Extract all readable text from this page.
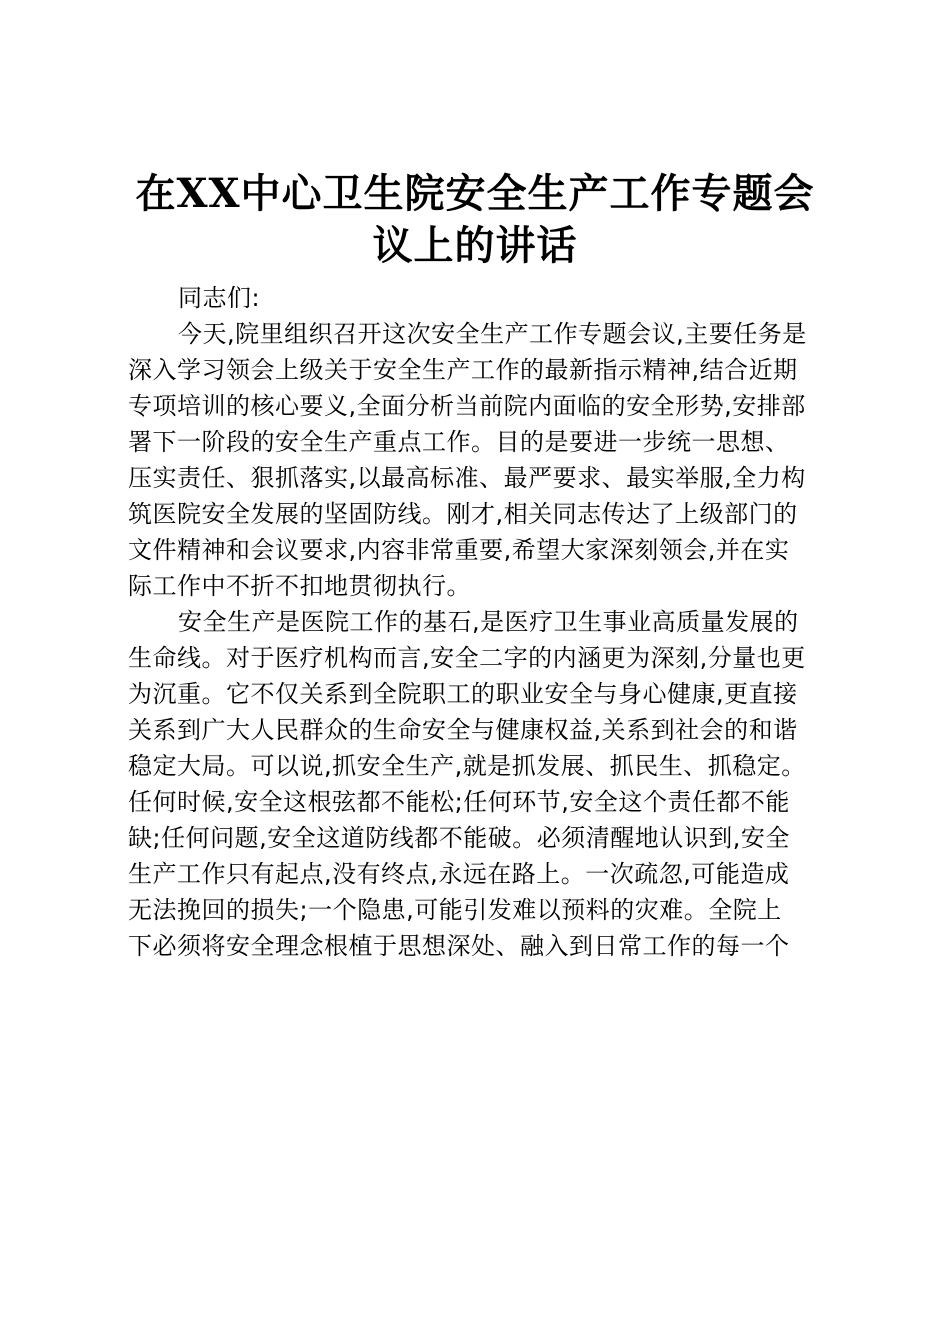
在XX中心卫生院安全生产工作专题会议上的讲话
同志们:
今天,院里组织召开这次安全生产工作专题会议,主要任务是
深入学习领会上级关于安全生产工作的最新指示精神,结合近期
专项培训的核心要义,全面分析当前院内面临的安全形势,安排部
署下一阶段的安全生产重点工作。目的是要进一步统一思想、
压实责任、狠抓落实,以最高标准、最严要求、最实举服,全力构
筑医院安全发展的坚固防线。刚才,相关同志传达了上级部门的
文件精神和会议要求,内容非常重要,希望大家深刻领会,并在实
际工作中不折不扣地贯彻执行。
安全生产是医院工作的基石,是医疗卫生事业高质量发展的
生命线。对于医疗机构而言,安全二字的内涵更为深刻,分量也更
为沉重。它不仅关系到全院职工的职业安全与身心健康,更直接
关系到广大人民群众的生命安全与健康权益,关系到社会的和谐
稳定大局。可以说,抓安全生产,就是抓发展、抓民生、抓稳定。
任何时候,安全这根弦都不能松;任何环节,安全这个责任都不能
缺;任何问题,安全这道防线都不能破。必须清醒地认识到,安全
生产工作只有起点,没有终点,永远在路上。一次疏忽,可能造成
无法挽回的损失;一个隐患,可能引发难以预料的灾难。全院上
下必须将安全理念根植于思想深处、融入到日常工作的每一个
